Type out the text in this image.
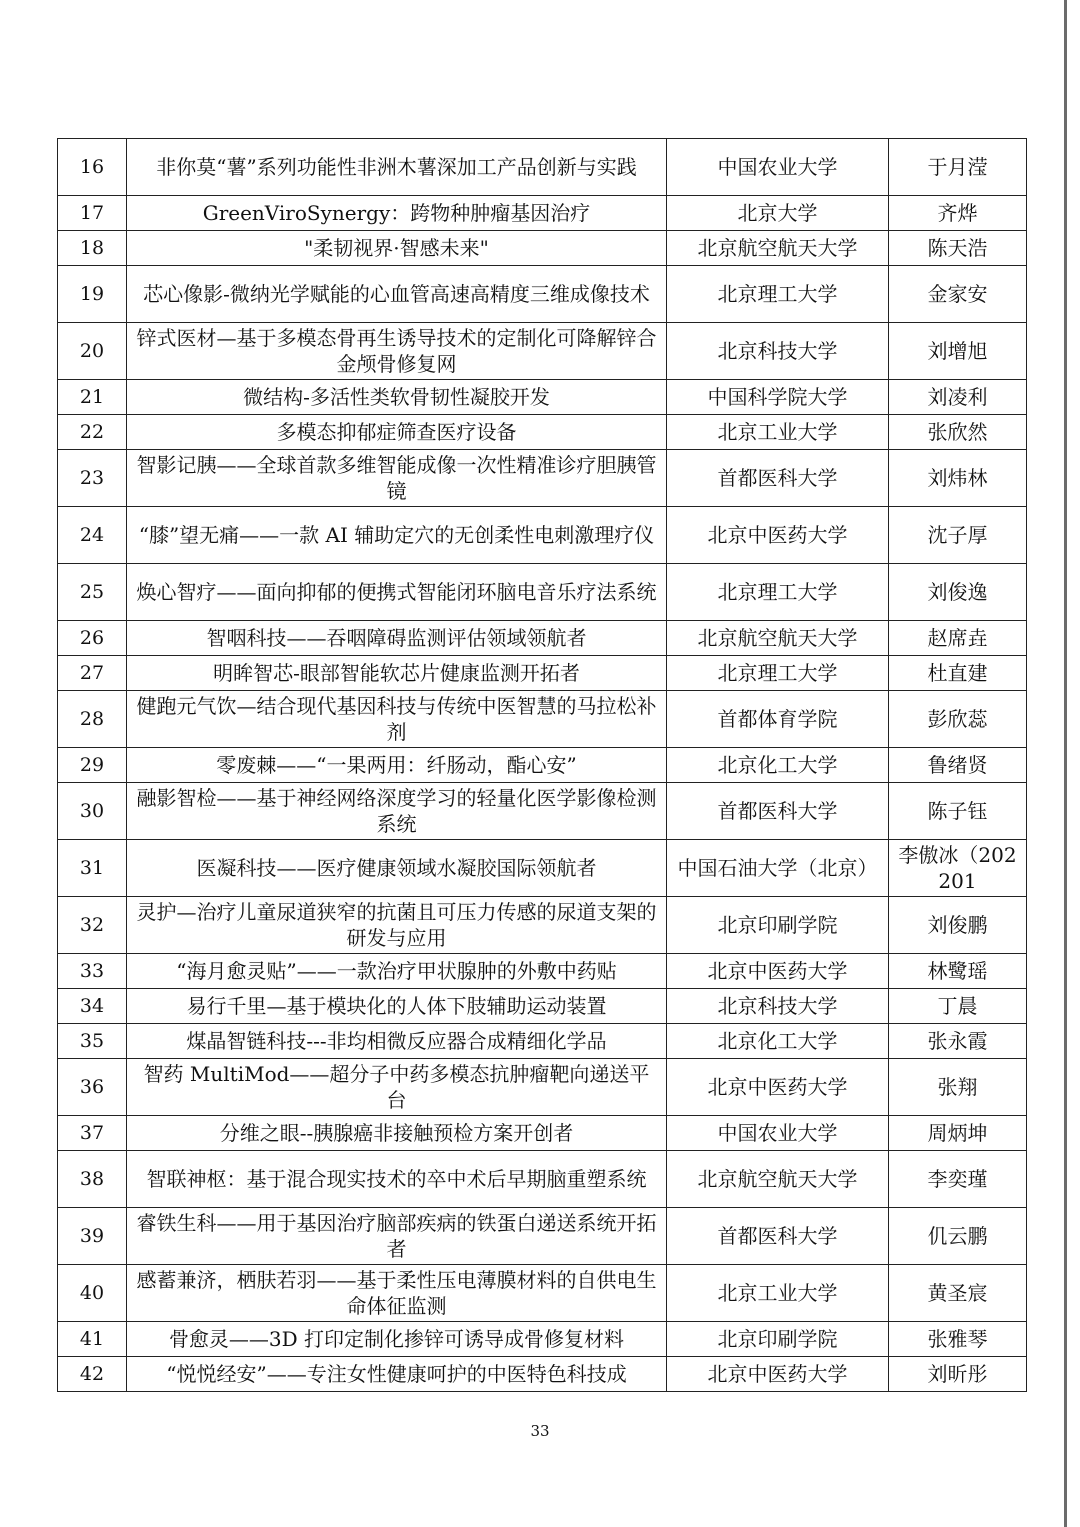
16	非你莫“薯”系列功能性非洲木薯深加工产品创新与实践	中国农业大学	于月滢
17	GreenViroSynergy：跨物种肿瘤基因治疗	北京大学	齐烨
18	"柔韧视界·智感未来"	北京航空航天大学	陈天浩
19	芯心像影-微纳光学赋能的心血管高速高精度三维成像技术	北京理工大学	金家安
20	锌式医材—基于多模态骨再生诱导技术的定制化可降解锌合金颅骨修复网	北京科技大学	刘增旭
21	微结构-多活性类软骨韧性凝胶开发	中国科学院大学	刘凌利
22	多模态抑郁症筛查医疗设备	北京工业大学	张欣然
23	智影记胰——全球首款多维智能成像一次性精准诊疗胆胰管镜	首都医科大学	刘炜林
24	“膝”望无痛——一款 AI 辅助定穴的无创柔性电刺激理疗仪	北京中医药大学	沈子厚
25	焕心智疗——面向抑郁的便携式智能闭环脑电音乐疗法系统	北京理工大学	刘俊逸
26	智咽科技——吞咽障碍监测评估领域领航者	北京航空航天大学	赵席垚
27	明眸智芯-眼部智能软芯片健康监测开拓者	北京理工大学	杜直建
28	健跑元气饮—结合现代基因科技与传统中医智慧的马拉松补剂	首都体育学院	彭欣蕊
29	零废棘——“一果两用：纤肠动，酯心安”	北京化工大学	鲁绪贤
30	融影智检——基于神经网络深度学习的轻量化医学影像检测系统	首都医科大学	陈子钰
31	医凝科技——医疗健康领域水凝胶国际领航者	中国石油大学（北京）	李傲冰（202201
32	灵护—治疗儿童尿道狭窄的抗菌且可压力传感的尿道支架的研发与应用	北京印刷学院	刘俊鹏
33	“海月愈灵贴”——一款治疗甲状腺肿的外敷中药贴	北京中医药大学	林鹭瑶
34	易行千里—基于模块化的人体下肢辅助运动装置	北京科技大学	丁晨
35	煤晶智链科技---非均相微反应器合成精细化学品	北京化工大学	张永霞
36	智药 MultiMod——超分子中药多模态抗肿瘤靶向递送平台	北京中医药大学	张翔
37	分维之眼--胰腺癌非接触预检方案开创者	中国农业大学	周炳坤
38	智联神枢：基于混合现实技术的卒中术后早期脑重塑系统	北京航空航天大学	李奕瑾
39	睿铁生科——用于基因治疗脑部疾病的铁蛋白递送系统开拓者	首都医科大学	仉云鹏
40	感蓄兼济，栖肤若羽——基于柔性压电薄膜材料的自供电生命体征监测	北京工业大学	黄圣宸
41	骨愈灵——3D 打印定制化掺锌可诱导成骨修复材料	北京印刷学院	张雅琴
42	“悦悦经安”——专注女性健康呵护的中医特色科技成	北京中医药大学	刘昕彤
33
